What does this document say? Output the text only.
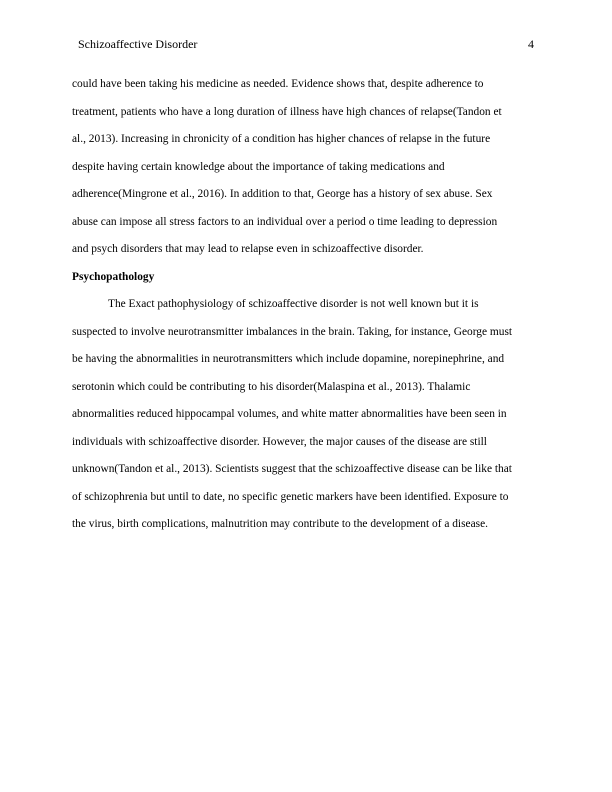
Schizoaffective Disorder	4
could have been taking his medicine as needed. Evidence shows that, despite adherence to
treatment, patients who have a long duration of illness have high chances of relapse(Tandon et
al., 2013). Increasing in chronicity of a condition has higher chances of relapse in the future
despite having certain knowledge about the importance of taking medications and
adherence(Mingrone et al., 2016). In addition to that, George has a history of sex abuse. Sex
abuse can impose all stress factors to an individual over a period o time leading to depression
and psych disorders that may lead to relapse even in schizoaffective disorder.
Psychopathology
The Exact pathophysiology of schizoaffective disorder is not well known but it is
suspected to involve neurotransmitter imbalances in the brain. Taking, for instance, George must
be having the abnormalities in neurotransmitters which include dopamine, norepinephrine, and
serotonin which could be contributing to his disorder(Malaspina et al., 2013). Thalamic
abnormalities reduced hippocampal volumes, and white matter abnormalities have been seen in
individuals with schizoaffective disorder. However, the major causes of the disease are still
unknown(Tandon et al., 2013). Scientists suggest that the schizoaffective disease can be like that
of schizophrenia but until to date, no specific genetic markers have been identified. Exposure to
the virus, birth complications, malnutrition may contribute to the development of a disease.
